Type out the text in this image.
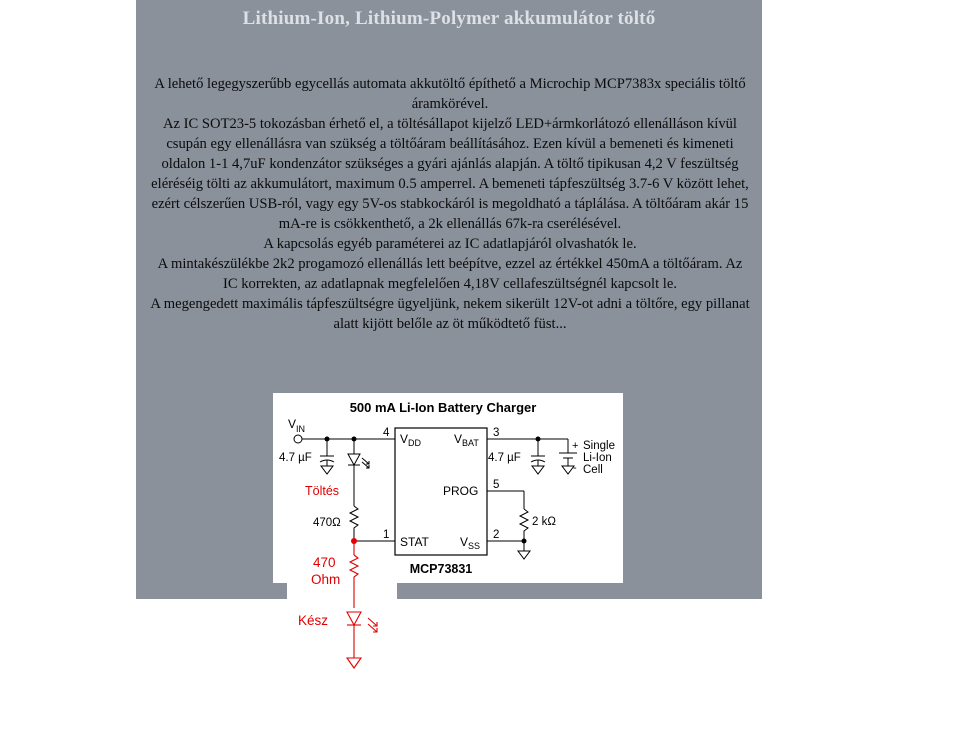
Lithium-Ion, Lithium-Polymer akkumulátor töltő

A lehető legegyszerűbb egycellás automata akkutöltő építhető a Microchip MCP7383x speciális töltő áramkörével.

Az IC SOT23-5 tokozásban érhető el, a töltésállapot kijelző LED+ármkorlátozó ellenálláson kívül csupán egy ellenállásra van szükség a töltőáram beállításához. Ezen kívül a bemeneti és kimeneti oldalon 1-1 4,7uF kondenzátor szükséges a gyári ajánlás alapján. A töltő tipikusan 4,2 V feszültség eléréséig tölti az akkumulátort, maximum 0.5 amperrel. A bemeneti tápfeszültség 3.7-6 V között lehet, ezért célszerűen USB-ról, vagy egy 5V-os stabkockáról is megoldható a táplálása. A töltőáram akár 15 mA-re is csökkenthető, a 2k ellenállás 67k-ra cserélésével.

A kapcsolás egyéb paraméterei az IC adatlapjáról olvashatók le.

A mintakészülékbe 2k2 progamozó ellenállás lett beépítve, ezzel az értékkel 450mA a töltőáram. Az IC korrekten, az adatlapnak megfelelően 4,18V cellafeszültségnél kapcsolt le.

A megengedett maximális tápfeszültségre ügyeljünk, nekem sikerült 12V-ot adni a töltőre, egy pillanat alatt kijött belőle az öt működtető füst...

500 mA Li-Ion Battery Charger
MCP73831
$V_{IN}$
4.7 µF
Töltés
470Ω
4
1
3
5
2
$V_{DD}$	$V_{BAT}$
PROG
STAT	$V_{SS}$
4.7 µF
+
-
Single
Li-Ion
Cell
2 kΩ
470
Ohm
Kész
